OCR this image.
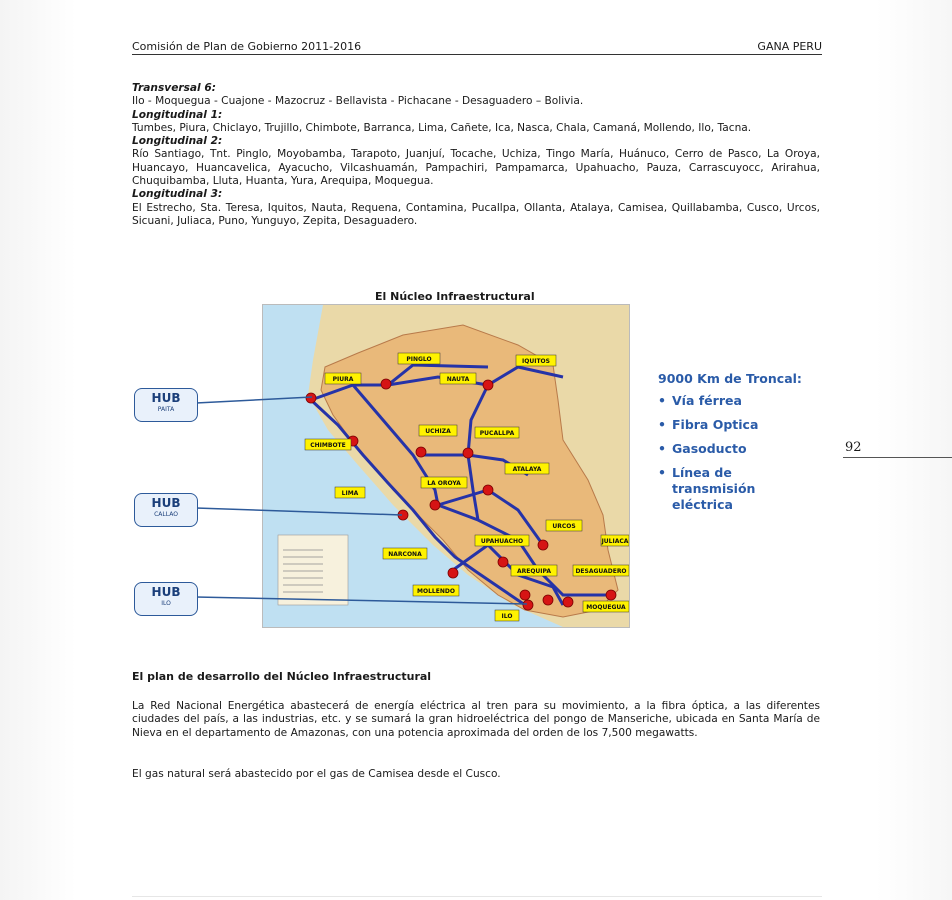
Comisión de Plan de Gobierno 2011-2016	GANA PERU

Transversal 6:

Ilo - Moquegua - Cuajone - Mazocruz - Bellavista - Pichacane - Desaguadero – Bolivia.

Longitudinal 1:

Tumbes, Piura, Chiclayo, Trujillo, Chimbote, Barranca, Lima, Cañete, Ica, Nasca, Chala, Camaná, Mollendo, Ilo, Tacna.

Longitudinal 2:

Río Santiago, Tnt. Pinglo, Moyobamba, Tarapoto, Juanjuí, Tocache, Uchiza, Tingo María, Huánuco, Cerro de Pasco, La Oroya, Huancayo, Huancavelica, Ayacucho, Vilcashuamán, Pampachiri, Pampamarca, Upahuacho, Pauza, Carrascuyocc, Arirahua, Chuquibamba, Lluta, Huanta, Yura, Arequipa, Moquegua.

Longitudinal 3:

El Estrecho, Sta. Teresa, Iquitos, Nauta, Requena, Contamina, Pucallpa, Ollanta, Atalaya, Camisea, Quillabamba, Cusco, Urcos, Sicuani, Juliaca, Puno, Yunguyo, Zepita, Desaguadero.

92
El Núcleo Infraestructural
PINGLO	IQUITOS
PIURA	NAUTA
UCHIZA	PUCALLPA
CHIMBOTE
ATALAYA
LA OROYA
LIMA
URCOS
UPAHUACHO	JULIACA
NARCONA
AREQUIPA	DESAGUADERO
MOLLENDO
MOQUEGUA
ILO
HUB
PAITA
HUB
CALLAO
HUB
ILO
9000 Km de Troncal:
• Vía férrea
• Fibra Optica
• Gasoducto
• Línea de transmisión eléctrica
El plan de desarrollo del Núcleo Infraestructural

La Red Nacional Energética abastecerá de energía eléctrica al tren para su movimiento, a la fibra óptica, a las diferentes ciudades del país, a las industrias, etc. y se sumará la gran hidroeléctrica del pongo de Manseriche, ubicada en Santa María de Nieva en el departamento de Amazonas, con una potencia aproximada del orden de los 7,500 megawatts.

El gas natural será abastecido por el gas de Camisea desde el Cusco.
